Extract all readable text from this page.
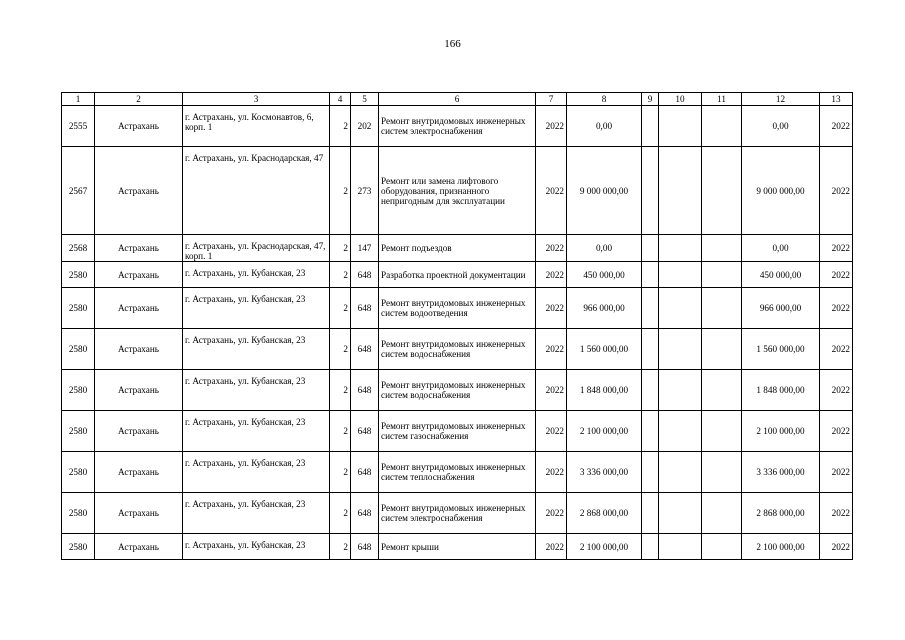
166
1	2	3	4	5	6	7	8	9	10	11	12	13
2555	Астрахань	г. Астрахань, ул. Космонавтов, 6, корп. 1	2	202	Ремонт внутридомовых инженерных систем электроснабжения	2022	0,00				0,00	2022
2567	Астрахань	г. Астрахань, ул. Краснодарская, 47	2	273	Ремонт или замена лифтового оборудования, признанного непригодным для эксплуатации	2022	9 000 000,00				9 000 000,00	2022
2568	Астрахань	г. Астрахань, ул. Краснодарская, 47, корп. 1	2	147	Ремонт подъездов	2022	0,00				0,00	2022
2580	Астрахань	г. Астрахань, ул. Кубанская, 23	2	648	Разработка проектной документации	2022	450 000,00				450 000,00	2022
2580	Астрахань	г. Астрахань, ул. Кубанская, 23	2	648	Ремонт внутридомовых инженерных систем водоотведения	2022	966 000,00				966 000,00	2022
2580	Астрахань	г. Астрахань, ул. Кубанская, 23	2	648	Ремонт внутридомовых инженерных систем водоснабжения	2022	1 560 000,00				1 560 000,00	2022
2580	Астрахань	г. Астрахань, ул. Кубанская, 23	2	648	Ремонт внутридомовых инженерных систем водоснабжения	2022	1 848 000,00				1 848 000,00	2022
2580	Астрахань	г. Астрахань, ул. Кубанская, 23	2	648	Ремонт внутридомовых инженерных систем газоснабжения	2022	2 100 000,00				2 100 000,00	2022
2580	Астрахань	г. Астрахань, ул. Кубанская, 23	2	648	Ремонт внутридомовых инженерных систем теплоснабжения	2022	3 336 000,00				3 336 000,00	2022
2580	Астрахань	г. Астрахань, ул. Кубанская, 23	2	648	Ремонт внутридомовых инженерных систем электроснабжения	2022	2 868 000,00				2 868 000,00	2022
2580	Астрахань	г. Астрахань, ул. Кубанская, 23	2	648	Ремонт крыши	2022	2 100 000,00				2 100 000,00	2022
